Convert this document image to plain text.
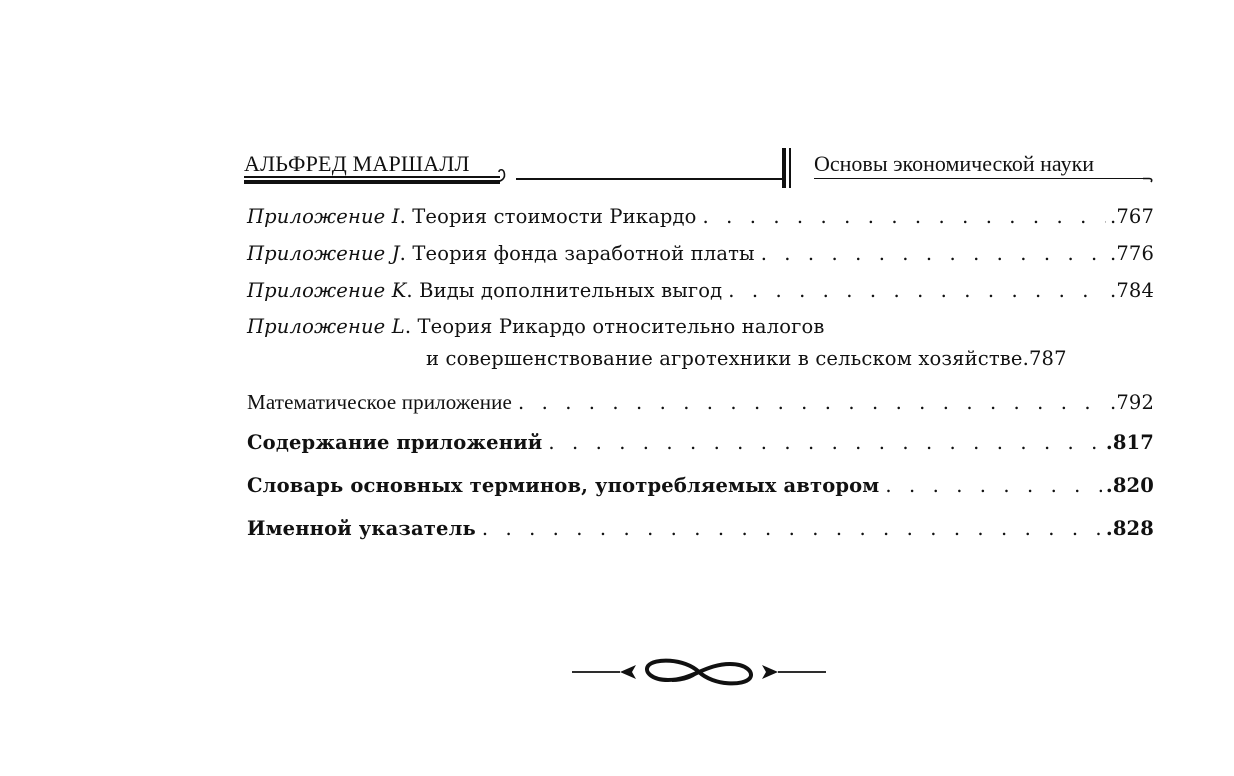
АЛЬФРЕД МАРШАЛЛ	Основы экономической науки
Приложение I. Теория стоимости Рикардо . . .	. 767
Приложение J. Теория фонда заработной платы . . .	. 776
Приложение K. Виды дополнительных выгод . . .	. 784
Приложение L. Теория Рикардо относительно налогов
и совершенствование агротехники в сельском хозяйстве . 787
Математическое приложение . . .	. 792
Содержание приложений . . .	. 817
Словарь основных терминов, употребляемых автором . . .	. 820
Именной указатель . . .	. 828
